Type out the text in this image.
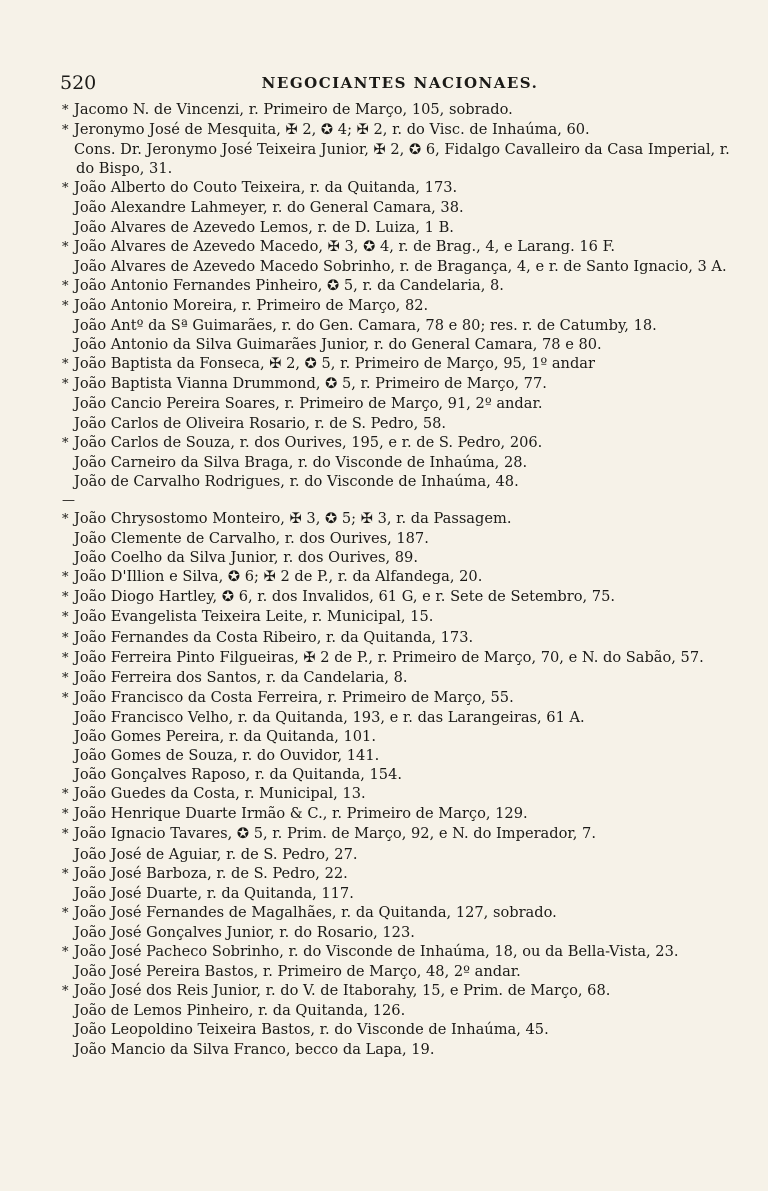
520	NEGOCIANTES NACIONAES.
* Jacomo N. de Vincenzi, r. Primeiro de Março, 105, sobrado.
* Jeronymo José de Mesquita, ✠ 2, ✪ 4; ✠ 2, r. do Visc. de Inhaúma, 60.
Cons. Dr. Jeronymo José Teixeira Junior, ✠ 2, ✪ 6, Fidalgo Cavalleiro da Casa Imperial, r. do Bispo, 31.
* João Alberto do Couto Teixeira, r. da Quitanda, 173.
João Alexandre Lahmeyer, r. do General Camara, 38.
João Alvares de Azevedo Lemos, r. de D. Luiza, 1 B.
* João Alvares de Azevedo Macedo, ✠ 3, ✪ 4, r. de Brag., 4, e Larang. 16 F.
João Alvares de Azevedo Macedo Sobrinho, r. de Bragança, 4, e r. de Santo Ignacio, 3 A.
* João Antonio Fernandes Pinheiro, ✪ 5, r. da Candelaria, 8.
* João Antonio Moreira, r. Primeiro de Março, 82.
João Antº da Sª Guimarães, r. do Gen. Camara, 78 e 80; res. r. de Catumby, 18.
João Antonio da Silva Guimarães Junior, r. do General Camara, 78 e 80.
* João Baptista da Fonseca, ✠ 2, ✪ 5, r. Primeiro de Março, 95, 1º andar
* João Baptista Vianna Drummond, ✪ 5, r. Primeiro de Março, 77.
João Cancio Pereira Soares, r. Primeiro de Março, 91, 2º andar.
João Carlos de Oliveira Rosario, r. de S. Pedro, 58.
* João Carlos de Souza, r. dos Ourives, 195, e r. de S. Pedro, 206.
João Carneiro da Silva Braga, r. do Visconde de Inhaúma, 28.
João de Carvalho Rodrigues, r. do Visconde de Inhaúma, 48.
—* João Chrysostomo Monteiro, ✠ 3, ✪ 5; ✠ 3, r. da Passagem.
João Clemente de Carvalho, r. dos Ourives, 187.
João Coelho da Silva Junior, r. dos Ourives, 89.
* João D'Illion e Silva, ✪ 6; ✠ 2 de P., r. da Alfandega, 20.
* João Diogo Hartley, ✪ 6, r. dos Invalidos, 61 G, e r. Sete de Setembro, 75.
* João Evangelista Teixeira Leite, r. Municipal, 15.
* João Fernandes da Costa Ribeiro, r. da Quitanda, 173.
* João Ferreira Pinto Filgueiras, ✠ 2 de P., r. Primeiro de Março, 70, e N. do Sabão, 57.
* João Ferreira dos Santos, r. da Candelaria, 8.
* João Francisco da Costa Ferreira, r. Primeiro de Março, 55.
João Francisco Velho, r. da Quitanda, 193, e r. das Larangeiras, 61 A.
João Gomes Pereira, r. da Quitanda, 101.
João Gomes de Souza, r. do Ouvidor, 141.
João Gonçalves Raposo, r. da Quitanda, 154.
* João Guedes da Costa, r. Municipal, 13.
* João Henrique Duarte Irmão & C., r. Primeiro de Março, 129.
* João Ignacio Tavares, ✪ 5, r. Prim. de Março, 92, e N. do Imperador, 7.
João José de Aguiar, r. de S. Pedro, 27.
* João José Barboza, r. de S. Pedro, 22.
João José Duarte, r. da Quitanda, 117.
* João José Fernandes de Magalhães, r. da Quitanda, 127, sobrado.
João José Gonçalves Junior, r. do Rosario, 123.
* João José Pacheco Sobrinho, r. do Visconde de Inhaúma, 18, ou da Bella-Vista, 23.
João José Pereira Bastos, r. Primeiro de Março, 48, 2º andar.
* João José dos Reis Junior, r. do V. de Itaborahy, 15, e Prim. de Março, 68.
João de Lemos Pinheiro, r. da Quitanda, 126.
João Leopoldino Teixeira Bastos, r. do Visconde de Inhaúma, 45.
João Mancio da Silva Franco, becco da Lapa, 19.
